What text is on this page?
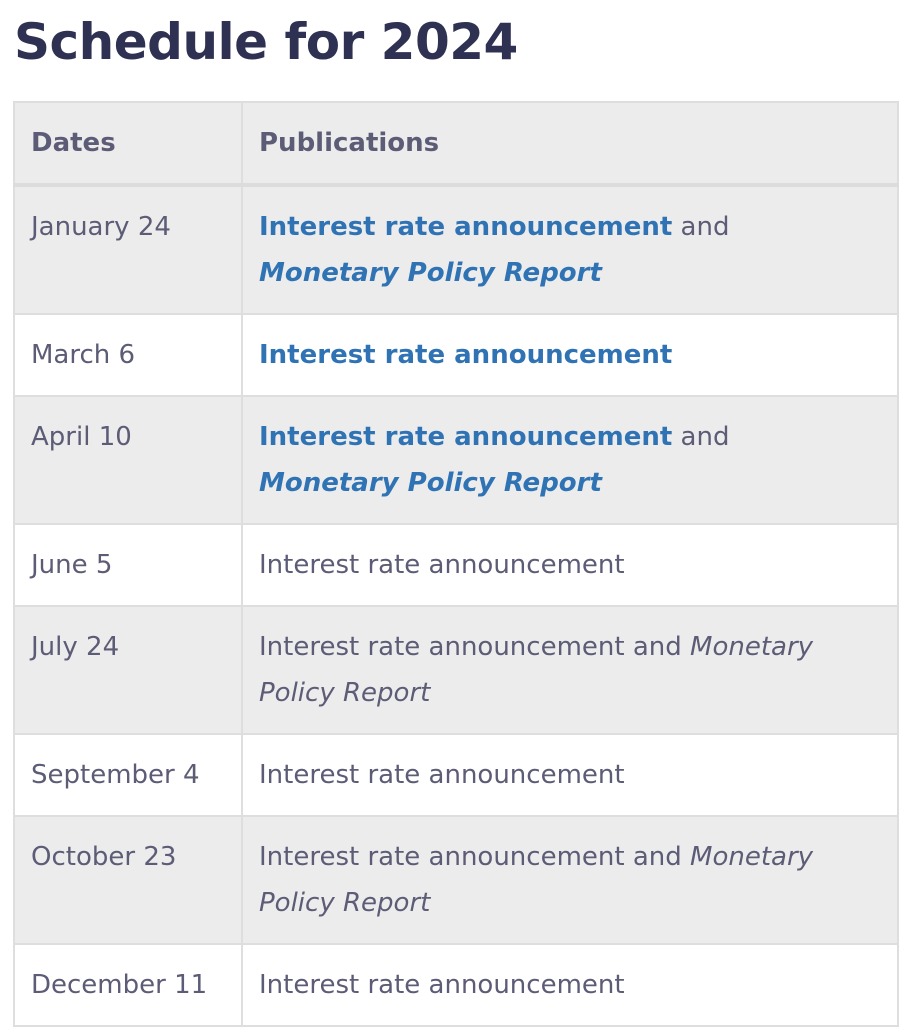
Schedule for 2024
Dates	Publications
January 24	Interest rate announcement and
Monetary Policy Report
March 6	Interest rate announcement
April 10	Interest rate announcement and
Monetary Policy Report
June 5	Interest rate announcement
July 24	Interest rate announcement and Monetary Policy Report
September 4	Interest rate announcement
October 23	Interest rate announcement and Monetary Policy Report
December 11	Interest rate announcement
